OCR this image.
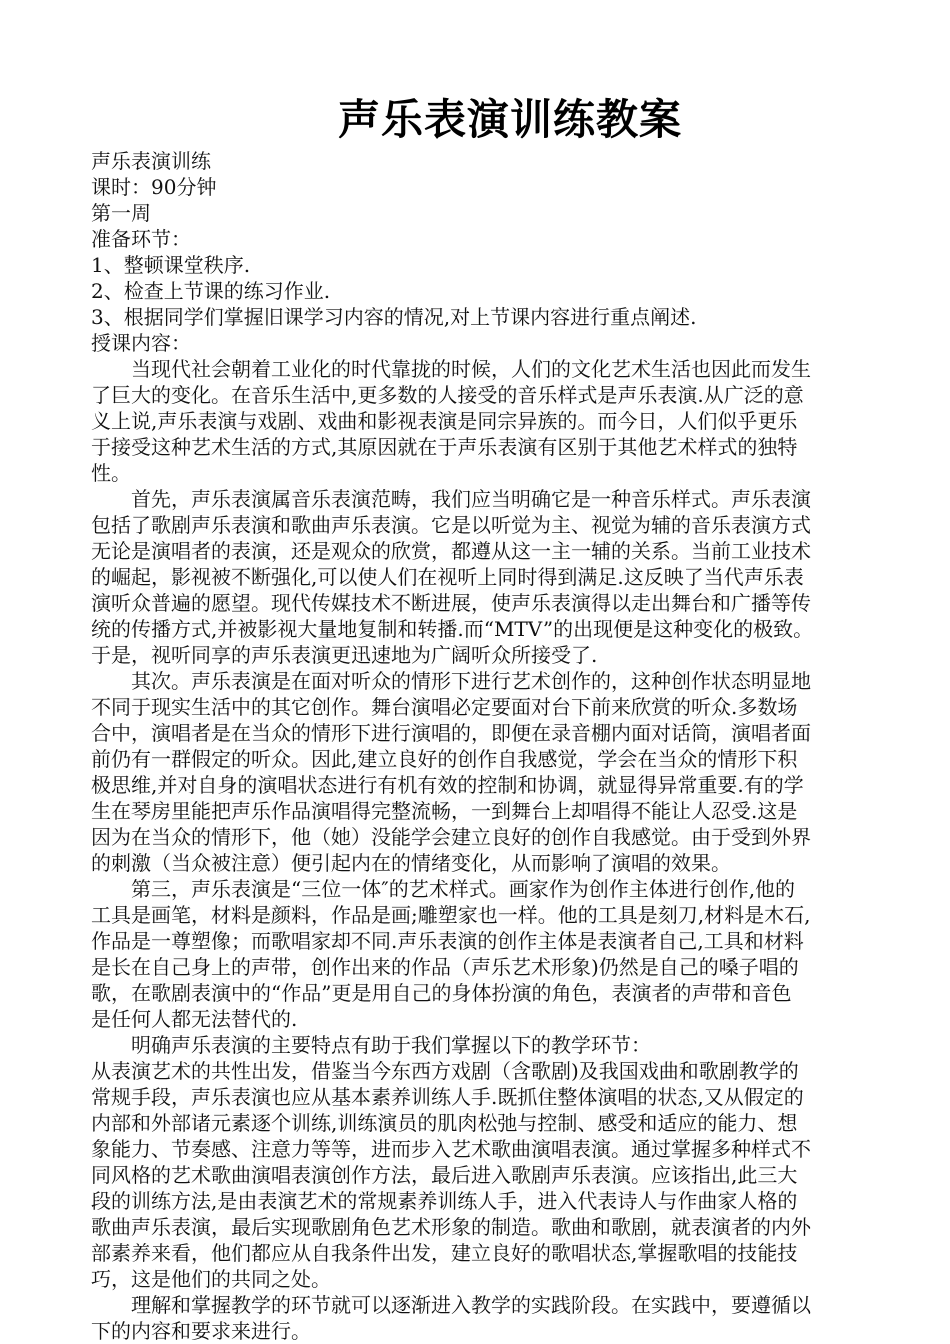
声乐表演训练教案
声乐表演训练
课时：90分钟
第一周
准备环节：
1、整顿课堂秩序.
2、检查上节课的练习作业.
3、根据同学们掌握旧课学习内容的情况,对上节课内容进行重点阐述.
授课内容：
　　当现代社会朝着工业化的时代靠拢的时候，人们的文化艺术生活也因此而发生
了巨大的变化。在音乐生活中,更多数的人接受的音乐样式是声乐表演.从广泛的意
义上说,声乐表演与戏剧、戏曲和影视表演是同宗异族的。而今日，人们似乎更乐
于接受这种艺术生活的方式,其原因就在于声乐表演有区别于其他艺术样式的独特
性。
　　首先，声乐表演属音乐表演范畴，我们应当明确它是一种音乐样式。声乐表演
包括了歌剧声乐表演和歌曲声乐表演。它是以听觉为主、视觉为辅的音乐表演方式
无论是演唱者的表演，还是观众的欣赏，都遵从这一主一辅的关系。当前工业技术
的崛起，影视被不断强化,可以使人们在视听上同时得到满足.这反映了当代声乐表
演听众普遍的愿望。现代传媒技术不断进展，使声乐表演得以走出舞台和广播等传
统的传播方式,并被影视大量地复制和转播.而“MTV”的出现便是这种变化的极致。
于是，视听同享的声乐表演更迅速地为广阔听众所接受了.
　　其次。声乐表演是在面对听众的情形下进行艺术创作的，这种创作状态明显地
不同于现实生活中的其它创作。舞台演唱必定要面对台下前来欣赏的听众.多数场
合中，演唱者是在当众的情形下进行演唱的，即便在录音棚内面对话筒，演唱者面
前仍有一群假定的听众。因此,建立良好的创作自我感觉，学会在当众的情形下积
极思维,并对自身的演唱状态进行有机有效的控制和协调，就显得异常重要.有的学
生在琴房里能把声乐作品演唱得完整流畅，一到舞台上却唱得不能让人忍受.这是
因为在当众的情形下，他（她）没能学会建立良好的创作自我感觉。由于受到外界
的刺激（当众被注意）便引起内在的情绪变化，从而影响了演唱的效果。
　　第三，声乐表演是“三位一体″的艺术样式。画家作为创作主体进行创作,他的
工具是画笔，材料是颜料，作品是画;雕塑家也一样。他的工具是刻刀,材料是木石,
作品是一尊塑像；而歌唱家却不同.声乐表演的创作主体是表演者自己,工具和材料
是长在自己身上的声带，创作出来的作品（声乐艺术形象)仍然是自己的嗓子唱的
歌，在歌剧表演中的“作品”更是用自己的身体扮演的角色，表演者的声带和音色
是任何人都无法替代的.
　　明确声乐表演的主要特点有助于我们掌握以下的教学环节：
从表演艺术的共性出发，借鉴当今东西方戏剧（含歌剧)及我国戏曲和歌剧教学的
常规手段，声乐表演也应从基本素养训练人手.既抓住整体演唱的状态,又从假定的
内部和外部诸元素逐个训练,训练演员的肌肉松弛与控制、感受和适应的能力、想
象能力、节奏感、注意力等等，进而步入艺术歌曲演唱表演。通过掌握多种样式不
同风格的艺术歌曲演唱表演创作方法，最后进入歌剧声乐表演。应该指出,此三大
段的训练方法,是由表演艺术的常规素养训练人手，进入代表诗人与作曲家人格的
歌曲声乐表演，最后实现歌剧角色艺术形象的制造。歌曲和歌剧，就表演者的内外
部素养来看，他们都应从自我条件出发，建立良好的歌唱状态,掌握歌唱的技能技
巧，这是他们的共同之处。
　　理解和掌握教学的环节就可以逐渐进入教学的实践阶段。在实践中，要遵循以
下的内容和要求来进行。
